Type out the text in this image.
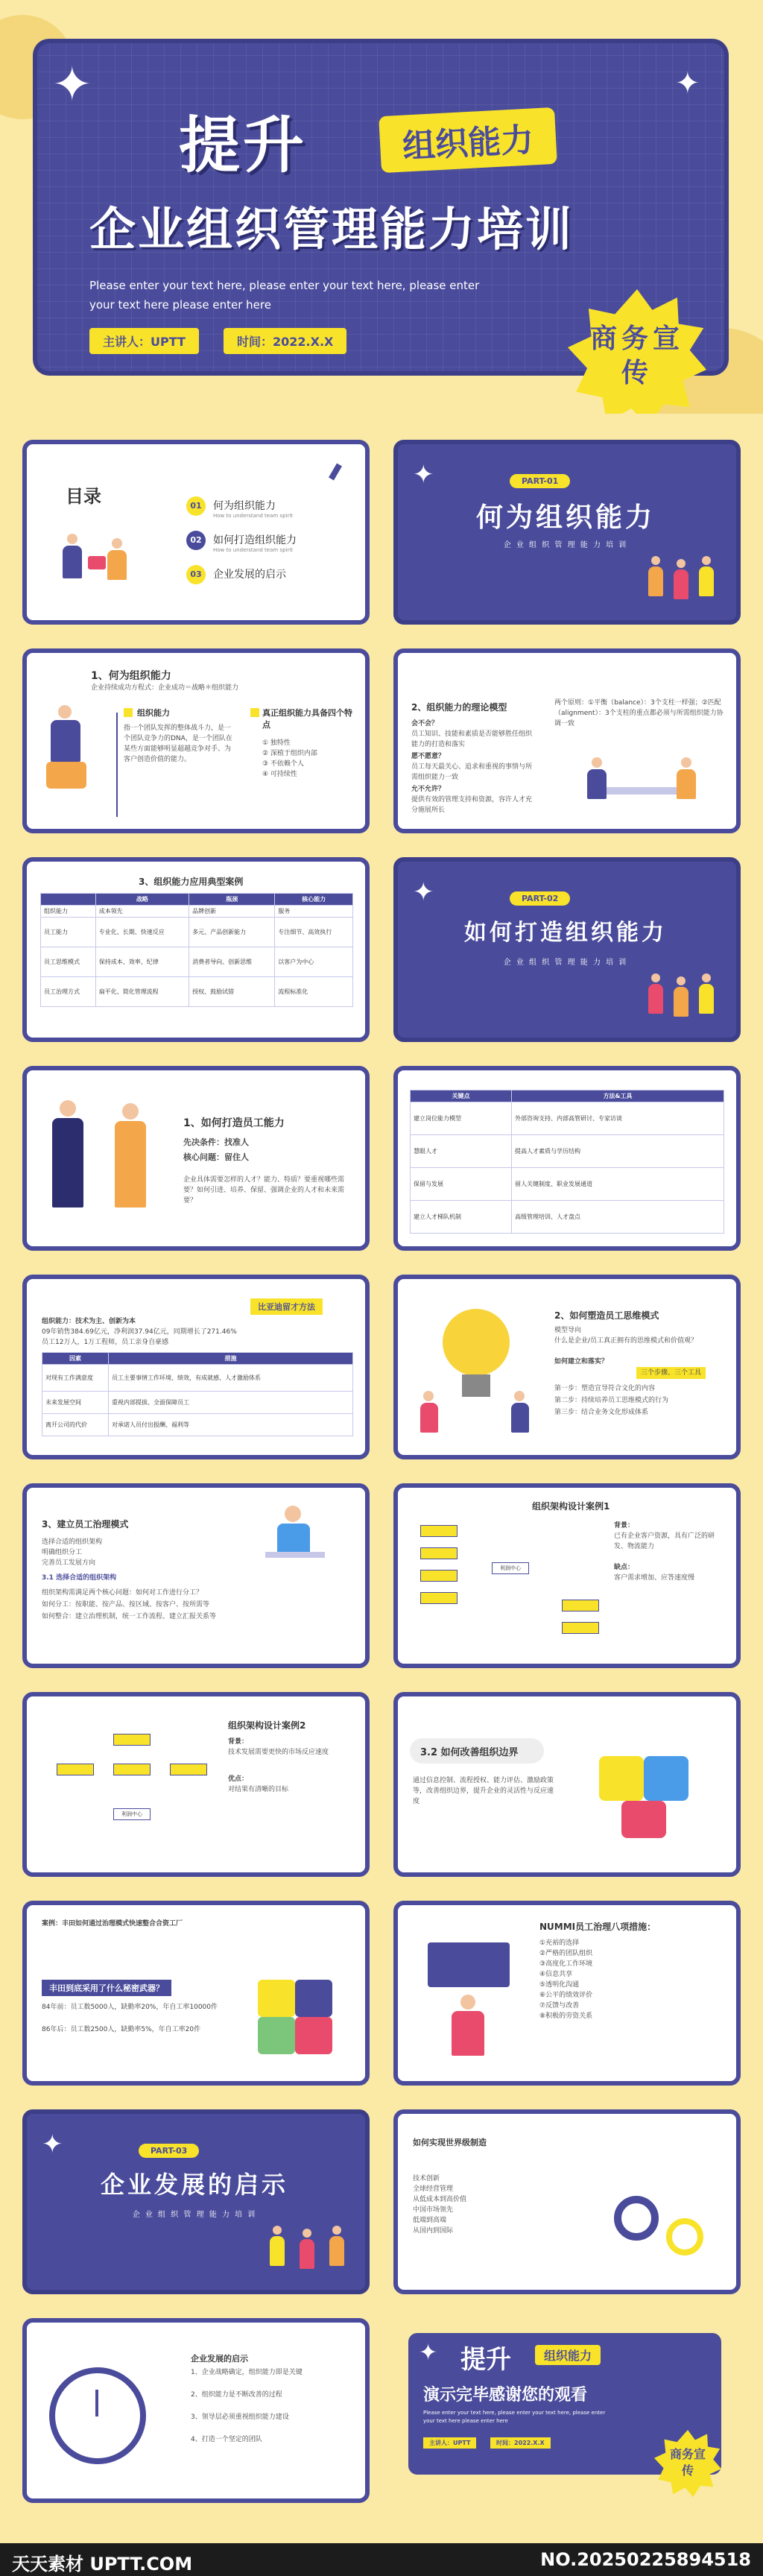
✦	✦
提升	组织能力
企业组织管理能力培训
Please enter your text here, please enter your text here, please enter your text here please enter here
主讲人：UPTT	时间：2022.X.X	商务宣传
目录	01	何为组织能力
How to understand team spirit
02	如何打造组织能力
How to understand team spirit
03	企业发展的启示
✦	PART-01
何为组织能力
企 业 组 织 管 理 能 力 培 训
1、何为组织能力
企业持续成功方程式：企业成功＝战略＊组织能力
组织能力
指一个团队发挥的整体战斗力，是一个团队竞争力的DNA，是一个团队在某些方面能够明显超越竞争对手、为客户创造价值的能力。
真正组织能力具备四个特点
① 独特性
② 深植于组织内部
③ 不依赖个人
④ 可持续性
2、组织能力的理论模型
会不会？
员工知识、技能和素质是否能够胜任组织能力的打造和落实
愿不愿意？
员工每天最关心、追求和重视的事情与所需组织能力一致
允不允许？
提供有效的管理支持和资源，容许人才充分施展所长
两个原则：①平衡（balance）：3个支柱一样强；②匹配（alignment）：3个支柱的重点都必须与所需组织能力协调一致
3、组织能力应用典型案例
	战略	瓶颈	核心能力
组织能力	成本领先	品牌创新	服务
员工能力	专业化、长期、快速反应	多元、产品创新能力	专注细节、高效执行
员工思维模式	保持成本、效率、纪律	消费者导向、创新思维	以客户为中心
员工治理方式	扁平化、简化管理流程	授权、鼓励试错	流程标准化
✦	PART-02
如何打造组织能力
企 业 组 织 管 理 能 力 培 训
1、如何打造员工能力
先决条件：找准人
核心问题：留住人
企业具体需要怎样的人才？能力、特质？要重视哪些需要？如何引进、培养、保留、强调企业的人才和未来需要？
关键点	方法&工具
建立岗位能力模型	外部咨询支持、内部高管研讨、专家访谈
慧眼人才	提高人才素质与学历结构
保留与发展	留人关键制度、职业发展通道
建立人才梯队机制	高级管理培训、人才盘点
比亚迪留才方法
组织能力：技术为主、创新为本
09年销售384.69亿元，净利润37.94亿元，同期增长了271.46%
员工12万人，1万工程师，员工亲身自豪感
因素	措施
对现有工作满意度	员工主要事情工作环境、绩效，有成就感、人才激励体系
未来发展空间	重视内部提拔、全面保障员工
离开公司的代价	对承诺人员付出报酬、福利等
2、如何塑造员工思维模式
模型导向
什么是企业/员工真正拥有的思维模式和价值观？
如何建立和落实？
三个步骤、三个工具
第一步：塑造宣导符合文化的内容
第二步：持续培养员工思维模式的行为
第三步：结合业务文化形成体系
3、建立员工治理模式
选择合适的组织架构
明确组织分工
完善员工发展方向
3.1 选择合适的组织架构
组织架构需满足两个核心问题：如何对工作进行分工？
如何分工：按职能、按产品、按区域、按客户、按所需等
如何整合：建立治理机制，统一工作流程、建立汇报关系等
组织架构设计案例1
利润中心
背景：
已有企业客户资源，具有广泛的研发、物流能力
缺点：
客户需求增加、应答速度慢
组织架构设计案例2
利润中心
背景：
技术发展需要更快的市场反应速度
优点：
对结果有清晰的目标
3.2 如何改善组织边界
通过信息控制、流程授权、能力评估、激励政策等，改善组织边界，提升企业的灵活性与反应速度
案例：丰田如何通过治理模式快速整合合资工厂
丰田到底采用了什么秘密武器？
84年前：员工数5000人，缺勤率20%，年自工率10000件
86年后：员工数2500人，缺勤率5%，年自工率20件
NUMMI员工治理八项措施：
①充裕的选择
②严格的团队组织
③高度化工作环境
④信息共享
⑤透明化沟通
⑥公平的绩效评价
⑦反馈与改善
⑧积极的劳资关系
✦	PART-03
企业发展的启示
企 业 组 织 管 理 能 力 培 训
如何实现世界级制造
技术创新
全球经营管理
从低成本到高价值
中国市场领先
低端到高端
从国内到国际
企业发展的启示
1、企业战略确定，组织能力即是关键
2、组织能力是不断改善的过程
3、领导层必须重视组织能力建设
4、打造一个坚定的团队
✦ 提升	组织能力
演示完毕感谢您的观看
Please enter your text here, please enter your text here, please enter your text here please enter here
主讲人：UPTT	时间：2022.X.X
商务宣传
天天素材 UPTT.COM	NO.20250225894518
